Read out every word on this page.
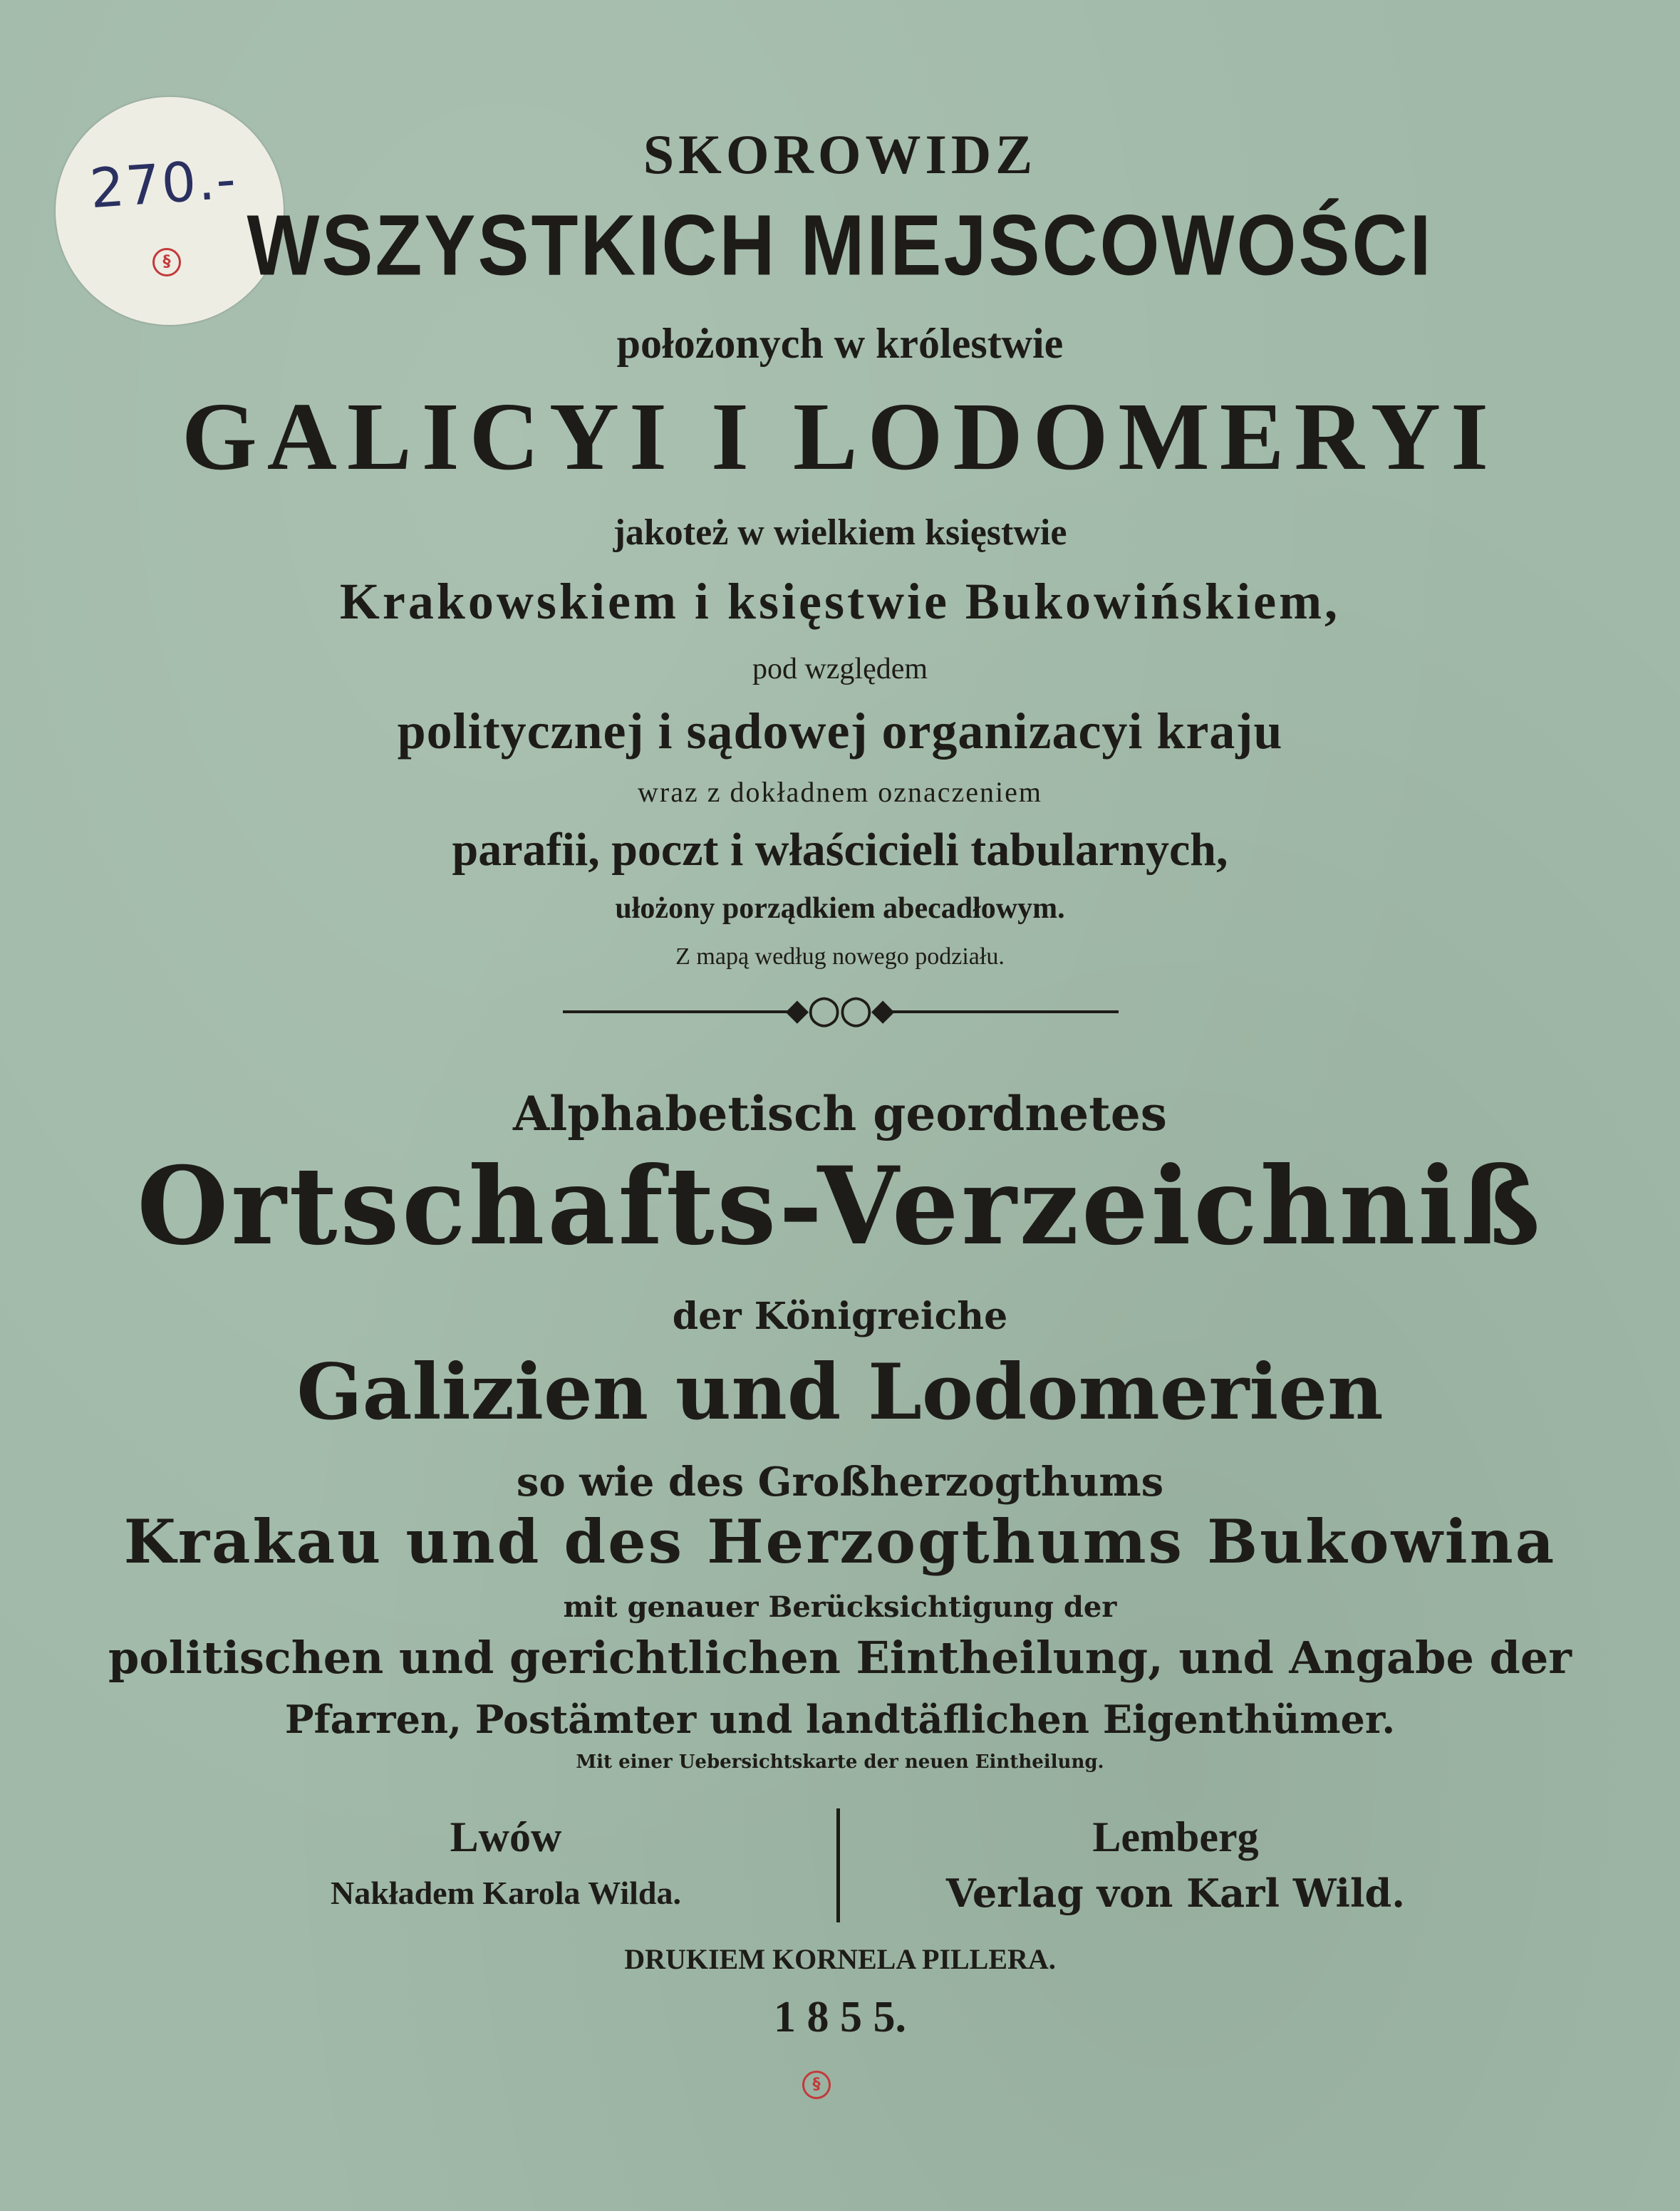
270.-
§
SKOROWIDZ
WSZYSTKICH MIEJSCOWOŚCI
położonych w królestwie
GALICYI I LODOMERYI
jakoteż w wielkiem księstwie
Krakowskiem i księstwie Bukowińskiem,
pod względem
politycznej i sądowej organizacyi kraju
wraz z dokładnem oznaczeniem
parafii, poczt i właścicieli tabularnych,
ułożony porządkiem abecadłowym.
Z mapą według nowego podziału.
◆◯◯◆
Alphabetisch geordnetes
Ortschafts-Verzeichniß
der Königreiche
Galizien und Lodomerien
so wie des Großherzogthums
Krakau und des Herzogthums Bukowina
mit genauer Berücksichtigung der
politischen und gerichtlichen Eintheilung, und Angabe der
Pfarren, Postämter und landtäflichen Eigenthümer.
Mit einer Uebersichtskarte der neuen Eintheilung.
Lwów
Nakładem Karola Wilda.
Lemberg
Verlag von Karl Wild.
DRUKIEM KORNELA PILLERA.
1 8 5 5.
§
